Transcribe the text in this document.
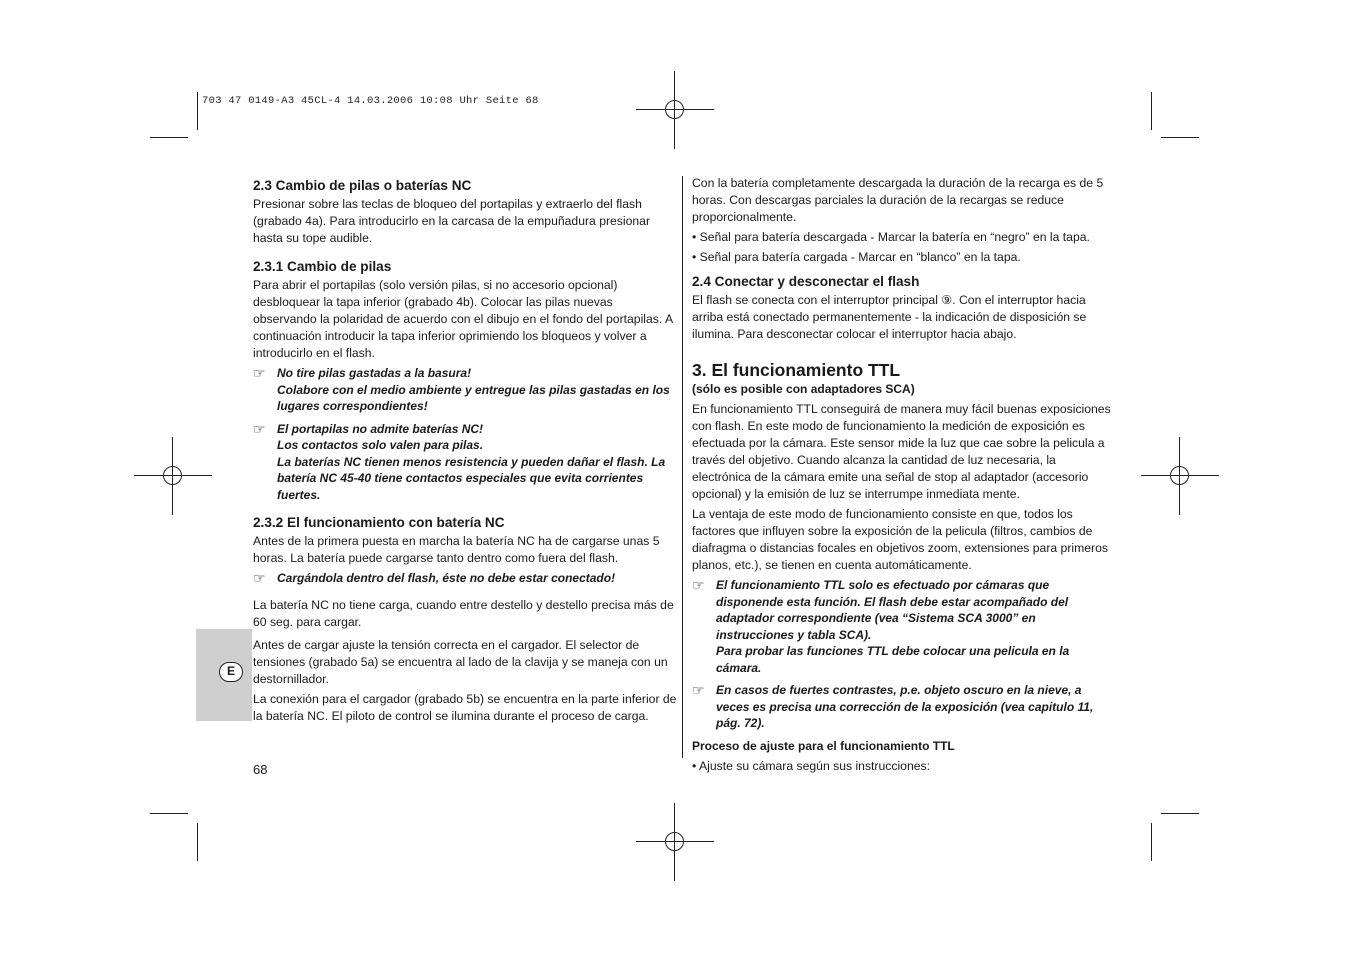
703 47 0149-A3 45CL-4 14.03.2006 10:08 Uhr Seite 68
2.3 Cambio de pilas o baterías NC

Presionar sobre las teclas de bloqueo del portapilas y extraerlo del flash (grabado 4a). Para introducirlo en la carcasa de la empuñadura presionar hasta su tope audible.

2.3.1 Cambio de pilas

Para abrir el portapilas (solo versión pilas, si no accesorio opcional) desbloquear la tapa inferior (grabado 4b). Colocar las pilas nuevas observando la polaridad de acuerdo con el dibujo en el fondo del portapilas. A continuación introducir la tapa inferior oprimiendo los bloqueos y volver a introducirlo en el flash.

☞ No tire pilas gastadas a la basura!

Colabore con el medio ambiente y entregue las pilas gastadas en los lugares correspondientes!

☞ El portapilas no admite baterías NC!

Los contactos solo valen para pilas.

La baterías NC tienen menos resistencia y pueden dañar el flash. La batería NC 45-40 tiene contactos especiales que evita corrientes fuertes.

2.3.2 El funcionamiento con batería NC

Antes de la primera puesta en marcha la batería NC ha de cargarse unas 5 horas. La batería puede cargarse tanto dentro como fuera del flash.

☞ Cargándola dentro del flash, éste no debe estar conectado!

La batería NC no tiene carga, cuando entre destello y destello precisa más de 60 seg. para cargar.

Antes de cargar ajuste la tensión correcta en el cargador. El selector de tensiones (grabado 5a) se encuentra al lado de la clavija y se maneja con un destornillador.

La conexión para el cargador (grabado 5b) se encuentra en la parte inferior de la batería NC. El piloto de control se ilumina durante el proceso de carga.

Con la batería completamente descargada la duración de la recarga es de 5 horas. Con descargas parciales la duración de la recargas se reduce proporcionalmente.

• Señal para batería descargada - Marcar la batería en “negro” en la tapa.

• Señal para batería cargada - Marcar en “blanco” en la tapa.

2.4 Conectar y desconectar el flash

El flash se conecta con el interruptor principal ⑨. Con el interruptor hacia arriba está conectado permanentemente - la indicación de disposición se ilumina. Para desconectar colocar el interruptor hacia abajo.

3. El funcionamiento TTL

(sólo es posible con adaptadores SCA)

En funcionamiento TTL conseguirá de manera muy fácil buenas exposiciones con flash. En este modo de funcionamiento la medición de exposición es efectuada por la cámara. Este sensor mide la luz que cae sobre la pelicula a través del objetivo. Cuando alcanza la cantidad de luz necesaria, la electrónica de la cámara emite una señal de stop al adaptador (accesorio opcional) y la emisión de luz se interrumpe inmediata mente.

La ventaja de este modo de funcionamiento consiste en que, todos los factores que influyen sobre la exposición de la pelicula (filtros, cambios de diafragma o distancias focales en objetivos zoom, extensiones para primeros planos, etc.), se tienen en cuenta automáticamente.

☞ El funcionamiento TTL solo es efectuado por cámaras que disponende esta función. El flash debe estar acompañado del adaptador correspondiente (vea “Sistema SCA 3000” en instrucciones y tabla SCA).

Para probar las funciones TTL debe colocar una pelicula en la cámara.

☞ En casos de fuertes contrastes, p.e. objeto oscuro en la nieve, a veces es precisa una corrección de la exposición (vea capitulo 11, pág. 72).

Proceso de ajuste para el funcionamiento TTL

• Ajuste su cámara según sus instrucciones:

E
68
